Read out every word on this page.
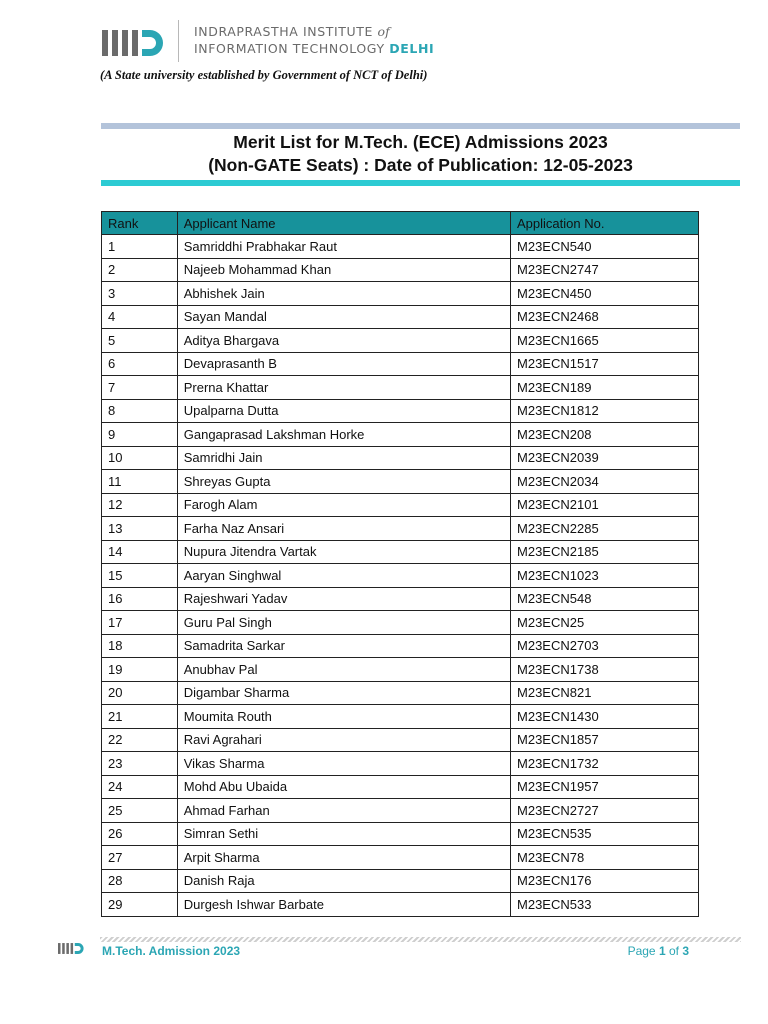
INDRAPRASTHA INSTITUTE of
INFORMATION TECHNOLOGY DELHI
(A State university established by Government of NCT of Delhi)
Merit List for M.Tech. (ECE) Admissions 2023
(Non-GATE Seats) : Date of Publication: 12-05-2023
Rank	Applicant Name	Application No.
1	Samriddhi Prabhakar Raut	M23ECN540
2	Najeeb Mohammad Khan	M23ECN2747
3	Abhishek Jain	M23ECN450
4	Sayan Mandal	M23ECN2468
5	Aditya Bhargava	M23ECN1665
6	Devaprasanth B	M23ECN1517
7	Prerna Khattar	M23ECN189
8	Upalparna Dutta	M23ECN1812
9	Gangaprasad Lakshman Horke	M23ECN208
10	Samridhi Jain	M23ECN2039
11	Shreyas Gupta	M23ECN2034
12	Farogh Alam	M23ECN2101
13	Farha Naz Ansari	M23ECN2285
14	Nupura Jitendra Vartak	M23ECN2185
15	Aaryan Singhwal	M23ECN1023
16	Rajeshwari Yadav	M23ECN548
17	Guru Pal Singh	M23ECN25
18	Samadrita Sarkar	M23ECN2703
19	Anubhav Pal	M23ECN1738
20	Digambar Sharma	M23ECN821
21	Moumita Routh	M23ECN1430
22	Ravi Agrahari	M23ECN1857
23	Vikas Sharma	M23ECN1732
24	Mohd Abu Ubaida	M23ECN1957
25	Ahmad Farhan	M23ECN2727
26	Simran Sethi	M23ECN535
27	Arpit Sharma	M23ECN78
28	Danish Raja	M23ECN176
29	Durgesh Ishwar Barbate	M23ECN533
M.Tech. Admission 2023	Page 1 of 3
